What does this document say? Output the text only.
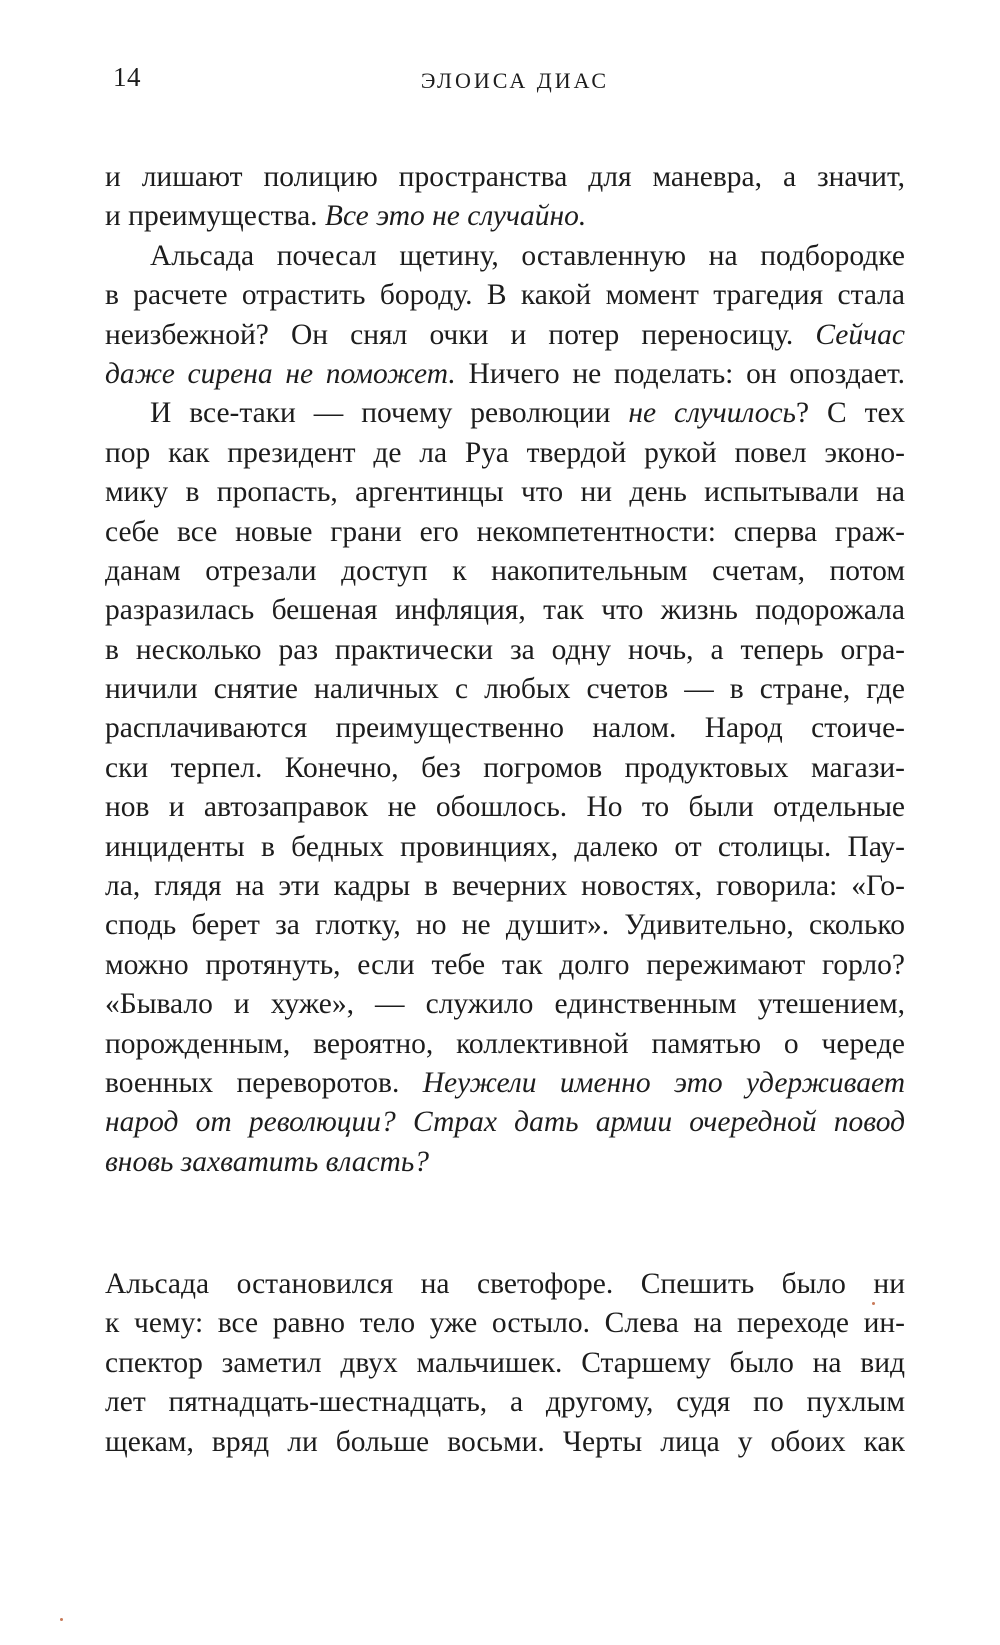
14	ЭЛОИСА ДИАС
и лишают полицию пространства для маневра, а значит,
и преимущества. Все это не случайно.
Альсада почесал щетину, оставленную на подбородке
в расчете отрастить бороду. В какой момент трагедия стала
неизбежной? Он снял очки и потер переносицу. Сейчас
даже сирена не поможет. Ничего не поделать: он опоздает.
И все-таки — почему революции не случилось? С тех
пор как президент де ла Руа твердой рукой повел эконо-
мику в пропасть, аргентинцы что ни день испытывали на
себе все новые грани его некомпетентности: сперва граж-
данам отрезали доступ к накопительным счетам, потом
разразилась бешеная инфляция, так что жизнь подорожала
в несколько раз практически за одну ночь, а теперь огра-
ничили снятие наличных с любых счетов — в стране, где
расплачиваются преимущественно налом. Народ стоиче-
ски терпел. Конечно, без погромов продуктовых магази-
нов и автозаправок не обошлось. Но то были отдельные
инциденты в бедных провинциях, далеко от столицы. Пау-
ла, глядя на эти кадры в вечерних новостях, говорила: «Го-
сподь берет за глотку, но не душит». Удивительно, сколько
можно протянуть, если тебе так долго пережимают горло?
«Бывало и хуже», — служило единственным утешением,
порожденным, вероятно, коллективной памятью о череде
военных переворотов. Неужели именно это удерживает
народ от революции? Страх дать армии очередной повод
вновь захватить власть?
Альсада остановился на светофоре. Спешить было ни
к чему: все равно тело уже остыло. Слева на переходе ин-
спектор заметил двух мальчишек. Старшему было на вид
лет пятнадцать-шестнадцать, а другому, судя по пухлым
щекам, вряд ли больше восьми. Черты лица у обоих как
